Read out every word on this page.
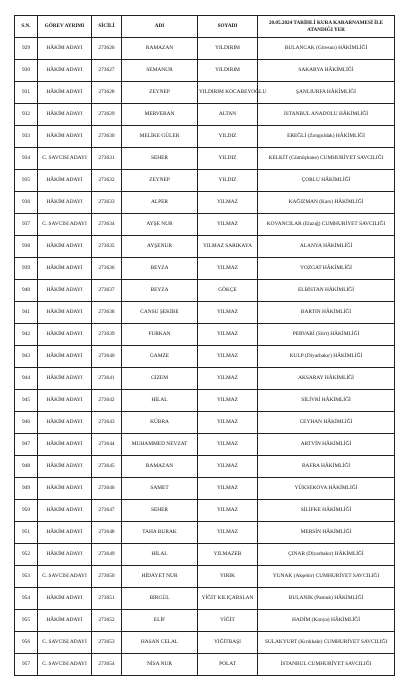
S.N.	GÖREV AYRIMI	SİCİLİ	ADI	SOYADI	20.05.2024 TARİHLİ KURA KARARNAMESİ İLE ATANDIĞI YER
929	HÂKİM ADAYI	273626	RAMAZAN	YILDIRIM	BULANCAK (Giresun) HÂKİMLİĞİ
930	HÂKİM ADAYI	273627	SEMANUR	YILDIRIM	SAKARYA HÂKİMLİĞİ
931	HÂKİM ADAYI	273628	ZEYNEP	YILDIRIM KOCABEYOĞLU	ŞANLIURFA HÂKİMLİĞİ
932	HÂKİM ADAYI	273629	MERVEBAN	ALTAN	İSTANBUL ANADOLU HÂKİMLİĞİ
933	HÂKİM ADAYI	273630	MELİKE GÜLER	YILDIZ	EREĞLİ (Zonguldak) HÂKİMLİĞİ
934	C. SAVCISI ADAYI	273631	SEHER	YILDIZ	KELKİT (Gümüşhane) CUMHURİYET SAVCILIĞI
935	HÂKİM ADAYI	273632	ZEYNEP	YILDIZ	ÇORLU HÂKİMLİĞİ
936	HÂKİM ADAYI	273633	ALPER	YILMAZ	KAĞIZMAN (Kars) HÂKİMLİĞİ
937	C. SAVCISI ADAYI	273634	AYŞE NUR	YILMAZ	KOVANCILAR (Elazığ) CUMHURİYET SAVCILIĞI
938	HÂKİM ADAYI	273635	AYŞENUR	YILMAZ SARIKAYA	ALANYA HÂKİMLİĞİ
939	HÂKİM ADAYI	273636	BEYZA	YILMAZ	YOZGAT HÂKİMLİĞİ
940	HÂKİM ADAYI	273637	BEYZA	GÖKÇE	ELBİSTAN HÂKİMLİĞİ
941	HÂKİM ADAYI	273638	CANSU ŞEKİBE	YILMAZ	BARTIN HÂKİMLİĞİ
942	HÂKİM ADAYI	273639	FURKAN	YILMAZ	PERVARİ (Siirt) HÂKİMLİĞİ
943	HÂKİM ADAYI	273640	GAMZE	YILMAZ	KULP (Diyarbakır) HÂKİMLİĞİ
944	HÂKİM ADAYI	273641	GİZEM	YILMAZ	AKSARAY HÂKİMLİĞİ
945	HÂKİM ADAYI	273642	HİLAL	YILMAZ	SİLİVRİ HÂKİMLİĞİ
946	HÂKİM ADAYI	273643	KÜBRA	YILMAZ	CEYHAN HÂKİMLİĞİ
947	HÂKİM ADAYI	273644	MUHAMMED NEVZAT	YILMAZ	ARTVİN HÂKİMLİĞİ
948	HÂKİM ADAYI	273645	RAMAZAN	YILMAZ	BAFRA HÂKİMLİĞİ
949	HÂKİM ADAYI	273646	SAMET	YILMAZ	YÜKSEKOVA HÂKİMLİĞİ
950	HÂKİM ADAYI	273647	SEHER	YILMAZ	SİLİFKE HÂKİMLİĞİ
951	HÂKİM ADAYI	273648	TAHA BURAK	YILMAZ	MERSİN HÂKİMLİĞİ
952	HÂKİM ADAYI	273649	HİLAL	YILMAZER	ÇINAR (Diyarbakır) HÂKİMLİĞİ
953	C. SAVCISI ADAYI	273650	HİDAYET NUR	YIRIK	YUNAK (Akşehir) CUMHURİYET SAVCILIĞI
954	HÂKİM ADAYI	273651	BİRGÜL	YİĞİT KILIÇARSLAN	BULANIK (Pamuk) HÂKİMLİĞİ
955	HÂKİM ADAYI	273652	ELİF	YİĞİT	HADİM (Konya) HÂKİMLİĞİ
956	C. SAVCISI ADAYI	273653	HASAN CELAL	YİĞİTBAŞI	SULAKYURT (Kırıkkale) CUMHURİYET SAVCILIĞI
957	C. SAVCISI ADAYI	273654	NİSA NUR	POLAT	İSTANBUL CUMHURİYET SAVCILIĞI
